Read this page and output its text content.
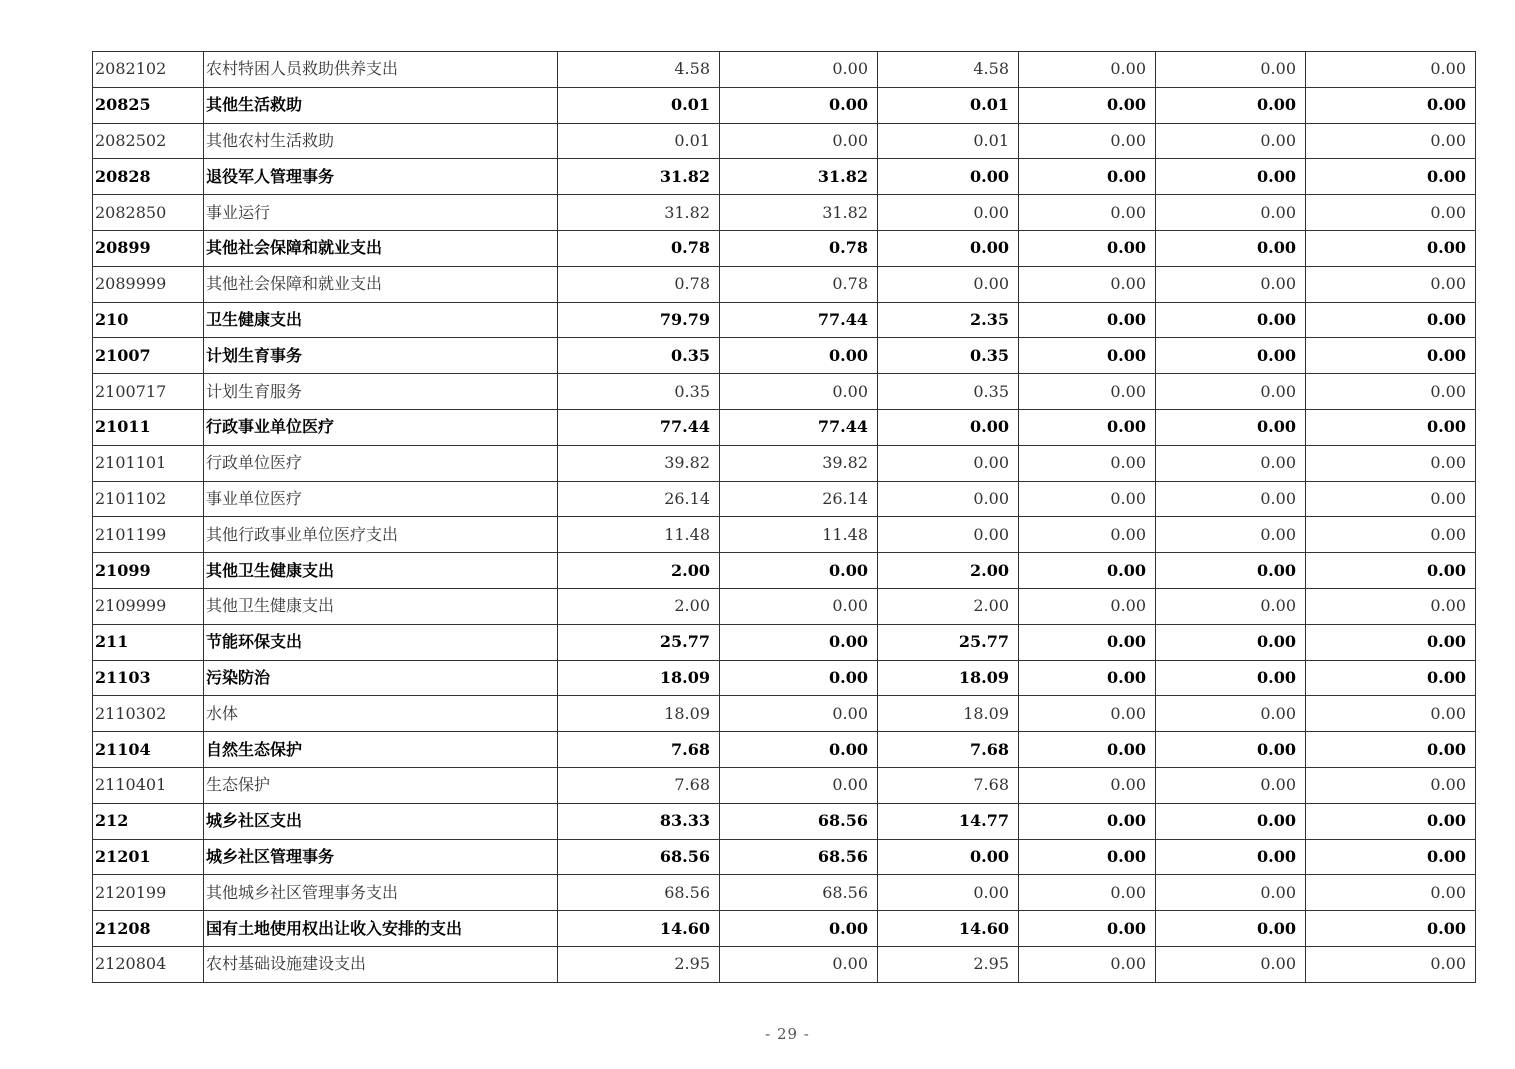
2082102	农村特困人员救助供养支出	4.58	0.00	4.58	0.00	0.00	0.00
20825	其他生活救助	0.01	0.00	0.01	0.00	0.00	0.00
2082502	其他农村生活救助	0.01	0.00	0.01	0.00	0.00	0.00
20828	退役军人管理事务	31.82	31.82	0.00	0.00	0.00	0.00
2082850	事业运行	31.82	31.82	0.00	0.00	0.00	0.00
20899	其他社会保障和就业支出	0.78	0.78	0.00	0.00	0.00	0.00
2089999	其他社会保障和就业支出	0.78	0.78	0.00	0.00	0.00	0.00
210	卫生健康支出	79.79	77.44	2.35	0.00	0.00	0.00
21007	计划生育事务	0.35	0.00	0.35	0.00	0.00	0.00
2100717	计划生育服务	0.35	0.00	0.35	0.00	0.00	0.00
21011	行政事业单位医疗	77.44	77.44	0.00	0.00	0.00	0.00
2101101	行政单位医疗	39.82	39.82	0.00	0.00	0.00	0.00
2101102	事业单位医疗	26.14	26.14	0.00	0.00	0.00	0.00
2101199	其他行政事业单位医疗支出	11.48	11.48	0.00	0.00	0.00	0.00
21099	其他卫生健康支出	2.00	0.00	2.00	0.00	0.00	0.00
2109999	其他卫生健康支出	2.00	0.00	2.00	0.00	0.00	0.00
211	节能环保支出	25.77	0.00	25.77	0.00	0.00	0.00
21103	污染防治	18.09	0.00	18.09	0.00	0.00	0.00
2110302	水体	18.09	0.00	18.09	0.00	0.00	0.00
21104	自然生态保护	7.68	0.00	7.68	0.00	0.00	0.00
2110401	生态保护	7.68	0.00	7.68	0.00	0.00	0.00
212	城乡社区支出	83.33	68.56	14.77	0.00	0.00	0.00
21201	城乡社区管理事务	68.56	68.56	0.00	0.00	0.00	0.00
2120199	其他城乡社区管理事务支出	68.56	68.56	0.00	0.00	0.00	0.00
21208	国有土地使用权出让收入安排的支出	14.60	0.00	14.60	0.00	0.00	0.00
2120804	农村基础设施建设支出	2.95	0.00	2.95	0.00	0.00	0.00
- 29 -
